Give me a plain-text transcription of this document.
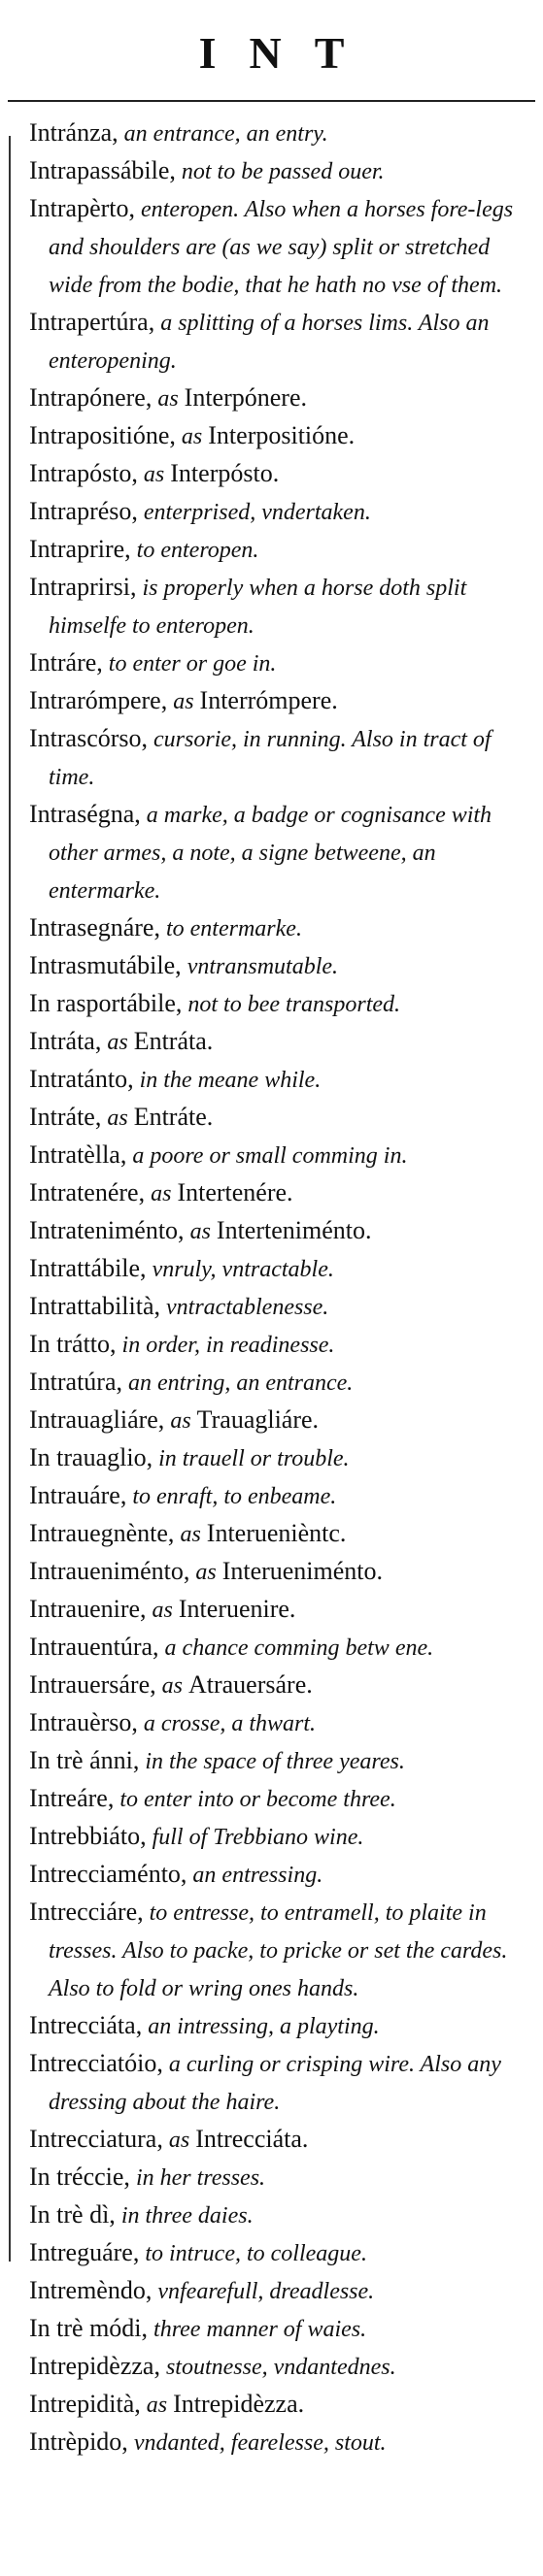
INT
Intránza, an entrance, an entry.
Intrapassábile, not to be passed ouer.
Intrapèrto, enteropen. Also when a horses fore-legs and shoulders are (as we say) split or stretched wide from the bodie, that he hath no vse of them.
Intrapertúra, a splitting of a horses lims. Also an enteropening.
Intrapónere, as Interpónere.
Intrapositióne, as Interpositióne.
Intrapósto, as Interpósto.
Intrapréso, enterprised, vndertaken.
Intraprire, to enteropen.
Intraprirsi, is properly when a horse doth split himselfe to enteropen.
Intráre, to enter or goe in.
Intrarómpere, as Interrómpere.
Intrascórso, cursorie, in running. Also in tract of time.
Intraségna, a marke, a badge or cognisance with other armes, a note, a signe betweene, an entermarke.
Intrasegnáre, to entermarke.
Intrasmutábile, vntransmutable.
In rasportábile, not to bee transported.
Intráta, as Entráta.
Intratánto, in the meane while.
Intráte, as Entráte.
Intratèlla, a poore or small comming in.
Intratenére, as Intertenére.
Intrateniménto, as Interteniménto.
Intrattábile, vnruly, vntractable.
Intrattabilità, vntractablenesse.
In trátto, in order, in readinesse.
Intratúra, an entring, an entrance.
Intrauagliáre, as Trauagliáre.
In trauaglio, in trauell or trouble.
Intrauáre, to enraft, to enbeame.
Intrauegnènte, as Interuenièntc.
Intraueniménto, as Interueniménto.
Intrauenire, as Interuenire.
Intrauentúra, a chance comming betw ene.
Intrauersáre, as Atrauersáre.
Intrauèrso, a crosse, a thwart.
In trè ánni, in the space of three yeares.
Intreáre, to enter into or become three.
Intrebbiáto, full of Trebbiano wine.
Intrecciaménto, an entressing.
Intrecciáre, to entresse, to entramell, to plaite in tresses. Also to packe, to pricke or set the cardes. Also to fold or wring ones hands.
Intrecciáta, an intressing, a playting.
Intrecciatóio, a curling or crisping wire. Also any dressing about the haire.
Intrecciatura, as Intrecciáta.
In tréccie, in her tresses.
In trè dì, in three daies.
Intreguáre, to intruce, to colleague.
Intremèndo, vnfearefull, dreadlesse.
In trè módi, three manner of waies.
Intrepidèzza, stoutnesse, vndantednes.
Intrepidità, as Intrepidèzza.
Intrèpido, vndanted, fearelesse, stout.
